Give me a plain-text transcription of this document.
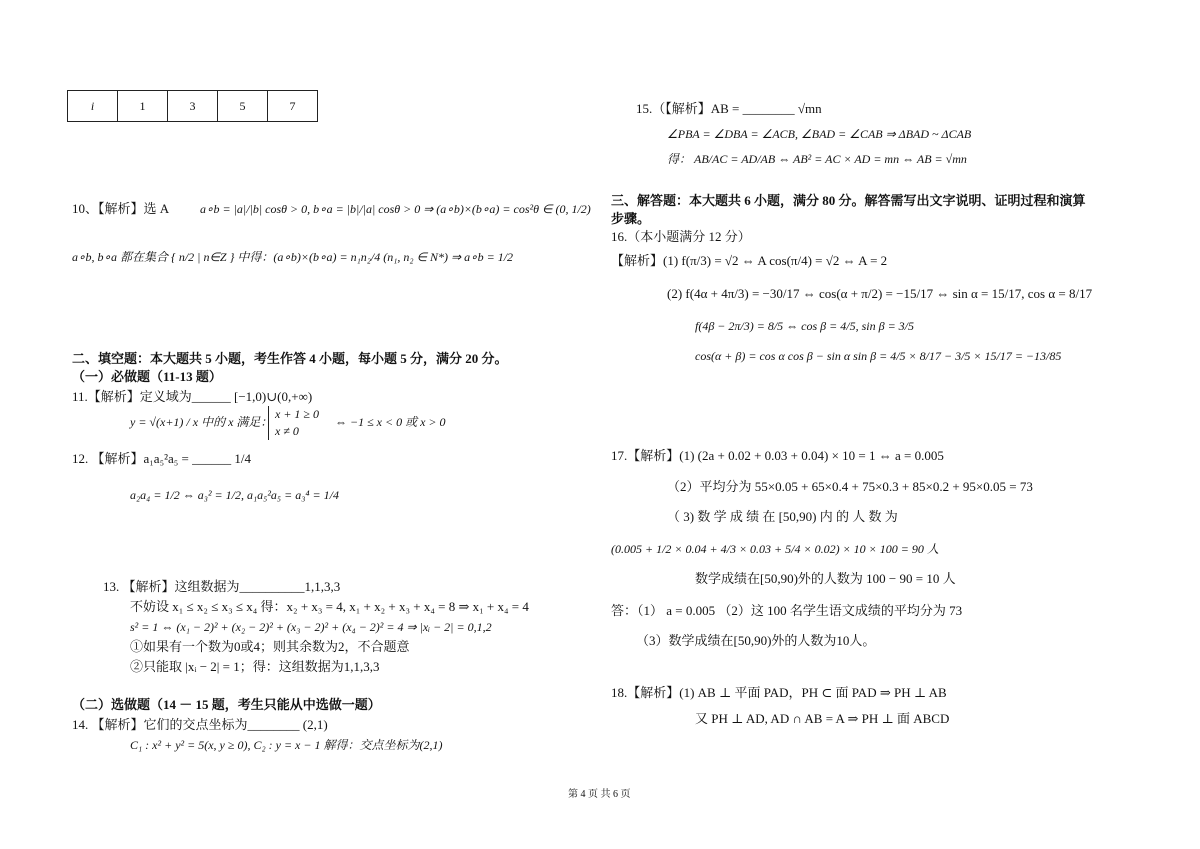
i	1	3	5	7
10、【解析】选 A	a∘b = |a|/|b| cosθ > 0, b∘a = |b|/|a| cosθ > 0 ⇒ (a∘b)×(b∘a) = cos²θ ∈ (0, 1/2)
a∘b, b∘a 都在集合 { n/2 | n∈Z } 中得：(a∘b)×(b∘a) = n₁n₂/4 (n₁, n₂ ∈ N*) ⇒ a∘b = 1/2
二、填空题：本大题共 5 小题，考生作答 4 小题，每小题 5 分，满分 20 分。
（一）必做题（11-13 题）
11.【解析】定义域为______ [−1,0)∪(0,+∞)
y = √(x+1) / x 中的 x 满足：
x + 1 ≥ 0
x ≠ 0
⇔ −1 ≤ x < 0 或 x > 0
12. 【解析】a₁a₅²a₅ = ______ 1/4
a₂a₄ = 1/2 ⇔ a₃² = 1/2, a₁a₅²a₅ = a₃⁴ = 1/4
13. 【解析】这组数据为__________1,1,3,3
不妨设 x₁ ≤ x₂ ≤ x₃ ≤ x₄ 得：x₂ + x₃ = 4, x₁ + x₂ + x₃ + x₄ = 8 ⇒ x₁ + x₄ = 4
s² = 1 ⇔ (x₁ − 2)² + (x₂ − 2)² + (x₃ − 2)² + (x₄ − 2)² = 4 ⇒ |xᵢ − 2| = 0,1,2
①如果有一个数为0或4；则其余数为2，不合题意
②只能取 |xᵢ − 2| = 1；得：这组数据为1,1,3,3
（二）选做题（14 － 15 题，考生只能从中选做一题）
14. 【解析】它们的交点坐标为________ (2,1)
C₁ : x² + y² = 5(x, y ≥ 0), C₂ : y = x − 1 解得：交点坐标为(2,1)
15.（【解析】AB = ________ √mn
∠PBA = ∠DBA = ∠ACB, ∠BAD = ∠CAB ⇒ ΔBAD ~ ΔCAB
得： AB/AC = AD/AB ⇔ AB² = AC × AD = mn ⇔ AB = √mn
三、解答题：本大题共 6 小题，满分 80 分。解答需写出文字说明、证明过程和演算
步骤。
16.（本小题满分 12 分）
【解析】(1) f(π/3) = √2 ⇔ A cos(π/4) = √2 ⇔ A = 2
(2) f(4α + 4π/3) = −30/17 ⇔ cos(α + π/2) = −15/17 ⇔ sin α = 15/17, cos α = 8/17
f(4β − 2π/3) = 8/5 ⇔ cos β = 4/5, sin β = 3/5
cos(α + β) = cos α cos β − sin α sin β = 4/5 × 8/17 − 3/5 × 15/17 = −13/85
17.【解析】(1) (2a + 0.02 + 0.03 + 0.04) × 10 = 1 ⇔ a = 0.005
（2）平均分为 55×0.05 + 65×0.4 + 75×0.3 + 85×0.2 + 95×0.05 = 73
（ 3) 数 学 成 绩 在 [50,90) 内 的 人 数 为
(0.005 + 1/2 × 0.04 + 4/3 × 0.03 + 5/4 × 0.02) × 10 × 100 = 90 人
数学成绩在[50,90)外的人数为 100 − 90 = 10 人
答：（1） a = 0.005 （2）这 100 名学生语文成绩的平均分为 73
（3）数学成绩在[50,90)外的人数为10人。
18.【解析】(1) AB ⊥ 平面 PAD，PH ⊂ 面 PAD ⇒ PH ⊥ AB
又 PH ⊥ AD, AD ∩ AB = A ⇒ PH ⊥ 面 ABCD
第 4 页 共 6 页
